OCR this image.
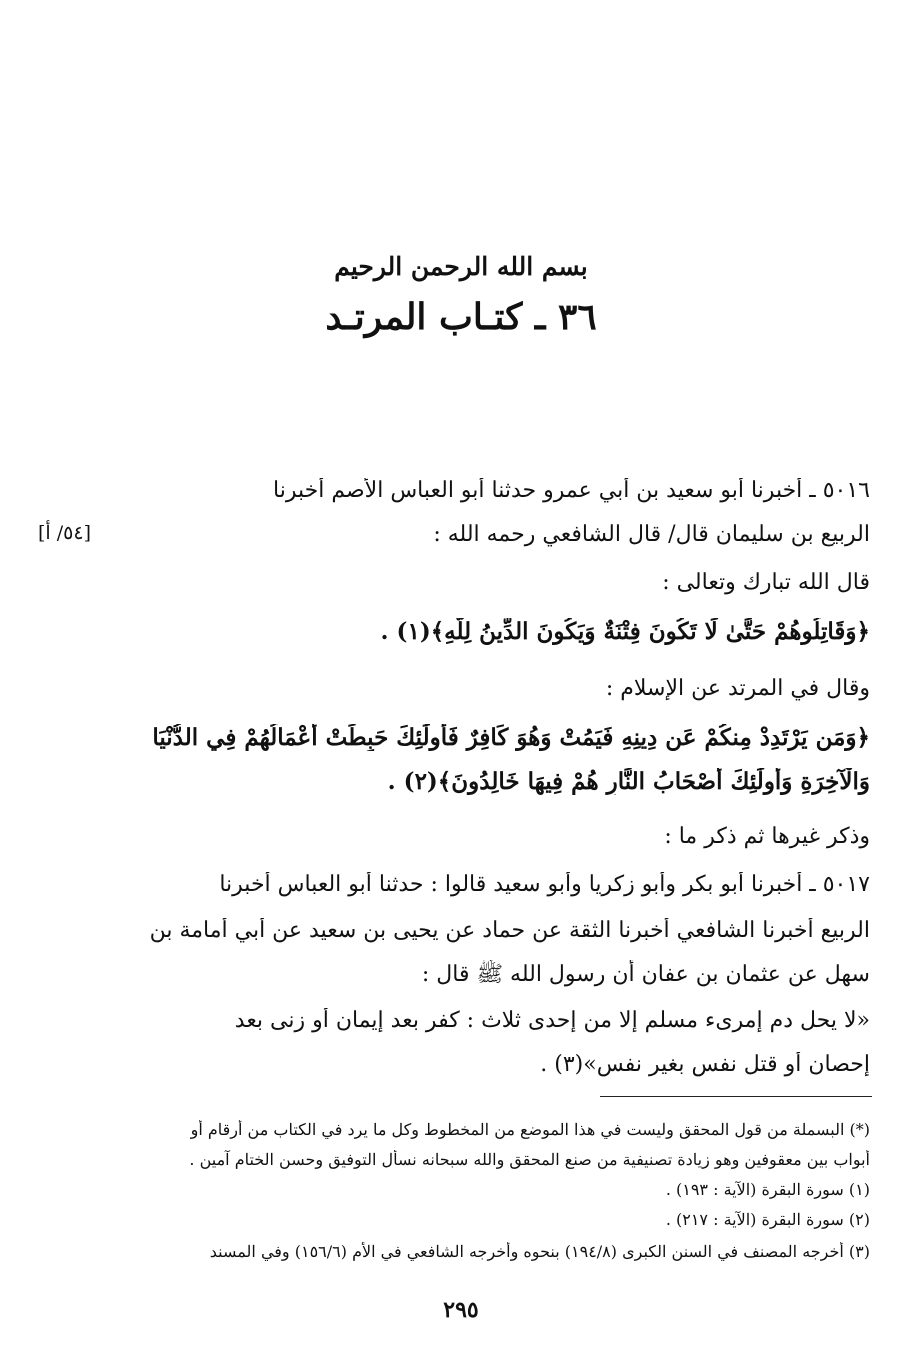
بسم الله الرحمن الرحيم
٣٦ ـ كتـاب المرتـد
٥٠١٦ ـ أخبرنا أبو سعيد بن أبي عمرو حدثنا أبو العباس الأصم أخبرنا
الربيع بن سليمان قال/ قال الشافعي رحمه الله :
[٥٤/ أ]
قال الله تبارك وتعالى :
﴿وَقَاتِلُوهُمْ حَتَّىٰ لَا تَكُونَ فِتْنَةٌ وَيَكُونَ الدِّينُ لِلَّهِ﴾(١) .
وقال في المرتد عن الإسلام :
﴿وَمَن يَرْتَدِدْ مِنكُمْ عَن دِينِهِ فَيَمُتْ وَهُوَ كَافِرٌ فَأُولَٰئِكَ حَبِطَتْ أَعْمَالُهُمْ فِي الدُّنْيَا
وَالْآخِرَةِ وَأُولَٰئِكَ أَصْحَابُ النَّارِ هُمْ فِيهَا خَالِدُونَ﴾(٢) .
وذكر غيرها ثم ذكر ما :
٥٠١٧ ـ أخبرنا أبو بكر وأبو زكريا وأبو سعيد قالوا : حدثنا أبو العباس أخبرنا
الربيع أخبرنا الشافعي أخبرنا الثقة عن حماد عن يحيى بن سعيد عن أبي أمامة بن
سهل عن عثمان بن عفان أن رسول الله ﷺ قال :
«لا يحل دم إمرىء مسلم إلا من إحدى ثلاث : كفر بعد إيمان أو زنى بعد
إحصان أو قتل نفس بغير نفس»(٣) .
(*) البسملة من قول المحقق وليست في هذا الموضع من المخطوط وكل ما يرد في الكتاب من أرقام أو
أبواب بين معقوفين وهو زيادة تصنيفية من صنع المحقق والله سبحانه نسأل التوفيق وحسن الختام آمين .
(١) سورة البقرة (الآية : ١٩٣) .
(٢) سورة البقرة (الآية : ٢١٧) .
(٣) أخرجه المصنف في السنن الكبرى (١٩٤/٨) بنحوه وأخرجه الشافعي في الأم (١٥٦/٦) وفي المسند
٢٩٥
